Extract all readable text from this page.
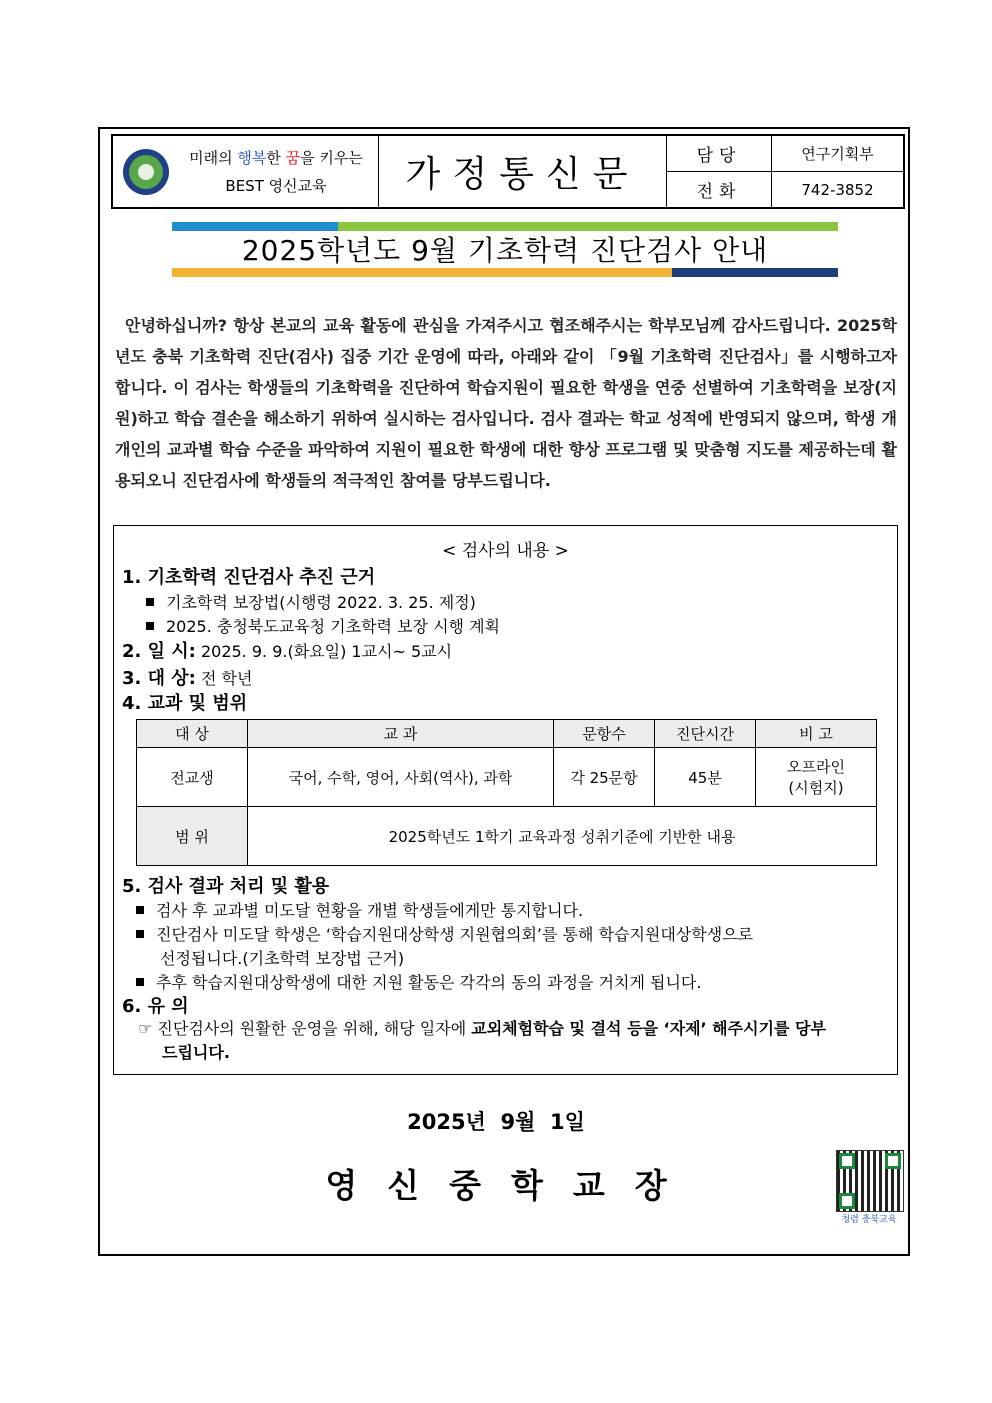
미래의 행복한 꿈을 키우는
BEST 영신교육	가정통신문	담당	연구기획부
전화	742-3852
2025학년도 9월 기초학력 진단검사 안내

안녕하십니까? 항상 본교의 교육 활동에 관심을 가져주시고 협조해주시는 학부모님께 감사드립니다. 2025학년도 충북 기초학력 진단(검사) 집중 기간 운영에 따라, 아래와 같이 「9월 기초학력 진단검사」를 시행하고자 합니다. 이 검사는 학생들의 기초학력을 진단하여 학습지원이 필요한 학생을 연중 선별하여 기초학력을 보장(지원)하고 학습 결손을 해소하기 위하여 실시하는 검사입니다. 검사 결과는 학교 성적에 반영되지 않으며, 학생 개개인의 교과별 학습 수준을 파악하여 지원이 필요한 학생에 대한 향상 프로그램 및 맞춤형 지도를 제공하는데 활용되오니 진단검사에 학생들의 적극적인 참여를 당부드립니다.

< 검사의 내용 >
1. 기초학력 진단검사 추진 근거
기초학력 보장법(시행령 2022. 3. 25. 제정)
2025. 충청북도교육청 기초학력 보장 시행 계획
2. 일 시: 2025. 9. 9.(화요일) 1교시~ 5교시
3. 대 상: 전 학년
4. 교과 및 범위
대 상	교 과	문항수	진단시간	비 고
전교생	국어, 수학, 영어, 사회(역사), 과학	각 25문항	45분	오프라인
(시험지)

범 위	2025학년도 1학기 교육과정 성취기준에 기반한 내용			
5. 검사 결과 처리 및 활용
검사 후 교과별 미도달 현황을 개별 학생들에게만 통지합니다.
진단검사 미도달 학생은 ‘학습지원대상학생 지원협의회’를 통해 학습지원대상학생으로
선정됩니다.(기초학력 보장법 근거)
추후 학습지원대상학생에 대한 지원 활동은 각각의 동의 과정을 거치게 됩니다.
6. 유 의
☞ 진단검사의 원활한 운영을 위해, 해당 일자에 교외체험학습 및 결석 등을 ‘자제’ 해주시기를 당부
드립니다.
2025년  9월  1일
영신중학교장
청렴 충북교육
